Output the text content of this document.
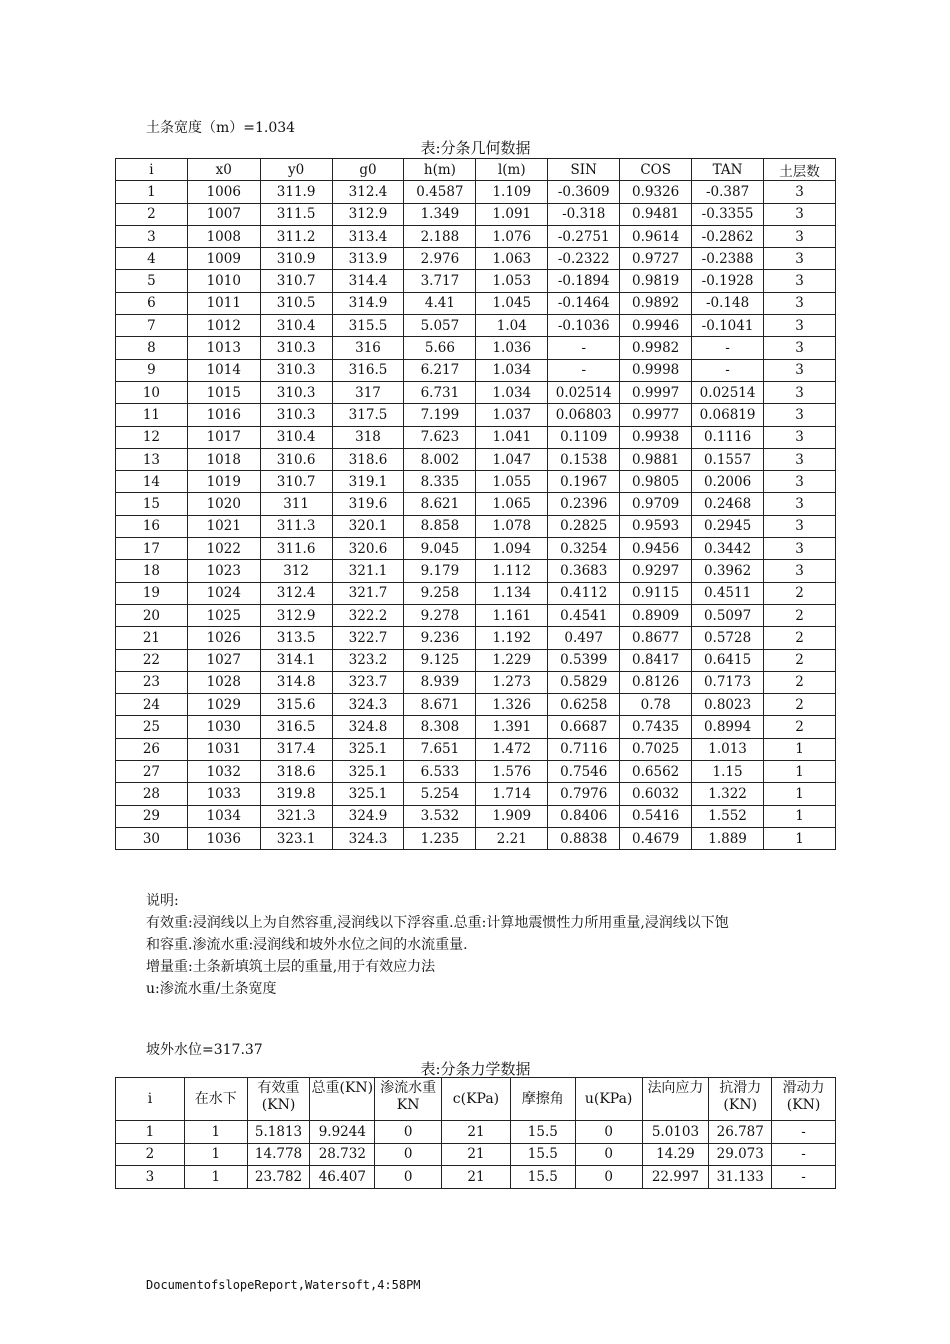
土条宽度（m）=1.034
表:分条几何数据
i	x0	y0	g0	h(m)	l(m)	SIN	COS	TAN	土层数
1	1006	311.9	312.4	0.4587	1.109	-0.3609	0.9326	-0.387	3
2	1007	311.5	312.9	1.349	1.091	-0.318	0.9481	-0.3355	3
3	1008	311.2	313.4	2.188	1.076	-0.2751	0.9614	-0.2862	3
4	1009	310.9	313.9	2.976	1.063	-0.2322	0.9727	-0.2388	3
5	1010	310.7	314.4	3.717	1.053	-0.1894	0.9819	-0.1928	3
6	1011	310.5	314.9	4.41	1.045	-0.1464	0.9892	-0.148	3
7	1012	310.4	315.5	5.057	1.04	-0.1036	0.9946	-0.1041	3
8	1013	310.3	316	5.66	1.036	-	0.9982	-	3
9	1014	310.3	316.5	6.217	1.034	-	0.9998	-	3
10	1015	310.3	317	6.731	1.034	0.02514	0.9997	0.02514	3
11	1016	310.3	317.5	7.199	1.037	0.06803	0.9977	0.06819	3
12	1017	310.4	318	7.623	1.041	0.1109	0.9938	0.1116	3
13	1018	310.6	318.6	8.002	1.047	0.1538	0.9881	0.1557	3
14	1019	310.7	319.1	8.335	1.055	0.1967	0.9805	0.2006	3
15	1020	311	319.6	8.621	1.065	0.2396	0.9709	0.2468	3
16	1021	311.3	320.1	8.858	1.078	0.2825	0.9593	0.2945	3
17	1022	311.6	320.6	9.045	1.094	0.3254	0.9456	0.3442	3
18	1023	312	321.1	9.179	1.112	0.3683	0.9297	0.3962	3
19	1024	312.4	321.7	9.258	1.134	0.4112	0.9115	0.4511	2
20	1025	312.9	322.2	9.278	1.161	0.4541	0.8909	0.5097	2
21	1026	313.5	322.7	9.236	1.192	0.497	0.8677	0.5728	2
22	1027	314.1	323.2	9.125	1.229	0.5399	0.8417	0.6415	2
23	1028	314.8	323.7	8.939	1.273	0.5829	0.8126	0.7173	2
24	1029	315.6	324.3	8.671	1.326	0.6258	0.78	0.8023	2
25	1030	316.5	324.8	8.308	1.391	0.6687	0.7435	0.8994	2
26	1031	317.4	325.1	7.651	1.472	0.7116	0.7025	1.013	1
27	1032	318.6	325.1	6.533	1.576	0.7546	0.6562	1.15	1
28	1033	319.8	325.1	5.254	1.714	0.7976	0.6032	1.322	1
29	1034	321.3	324.9	3.532	1.909	0.8406	0.5416	1.552	1
30	1036	323.1	324.3	1.235	2.21	0.8838	0.4679	1.889	1
说明:
有效重:浸润线以上为自然容重,浸润线以下浮容重.总重:计算地震惯性力所用重量,浸润线以下饱
和容重.渗流水重:浸润线和坡外水位之间的水流重量.
增量重:土条新填筑土层的重量,用于有效应力法
u:渗流水重/土条宽度
坡外水位=317.37
表:分条力学数据
i	在水下	有效重(KN)	总重(KN)	渗流水重KN	c(KPa)	摩擦角	u(KPa)	法向应力	抗滑力(KN)	滑动力(KN)
1	1	5.1813	9.9244	0	21	15.5	0	5.0103	26.787	-
2	1	14.778	28.732	0	21	15.5	0	14.29	29.073	-
3	1	23.782	46.407	0	21	15.5	0	22.997	31.133	-
DocumentofslopeReport,Watersoft,4:58PM
